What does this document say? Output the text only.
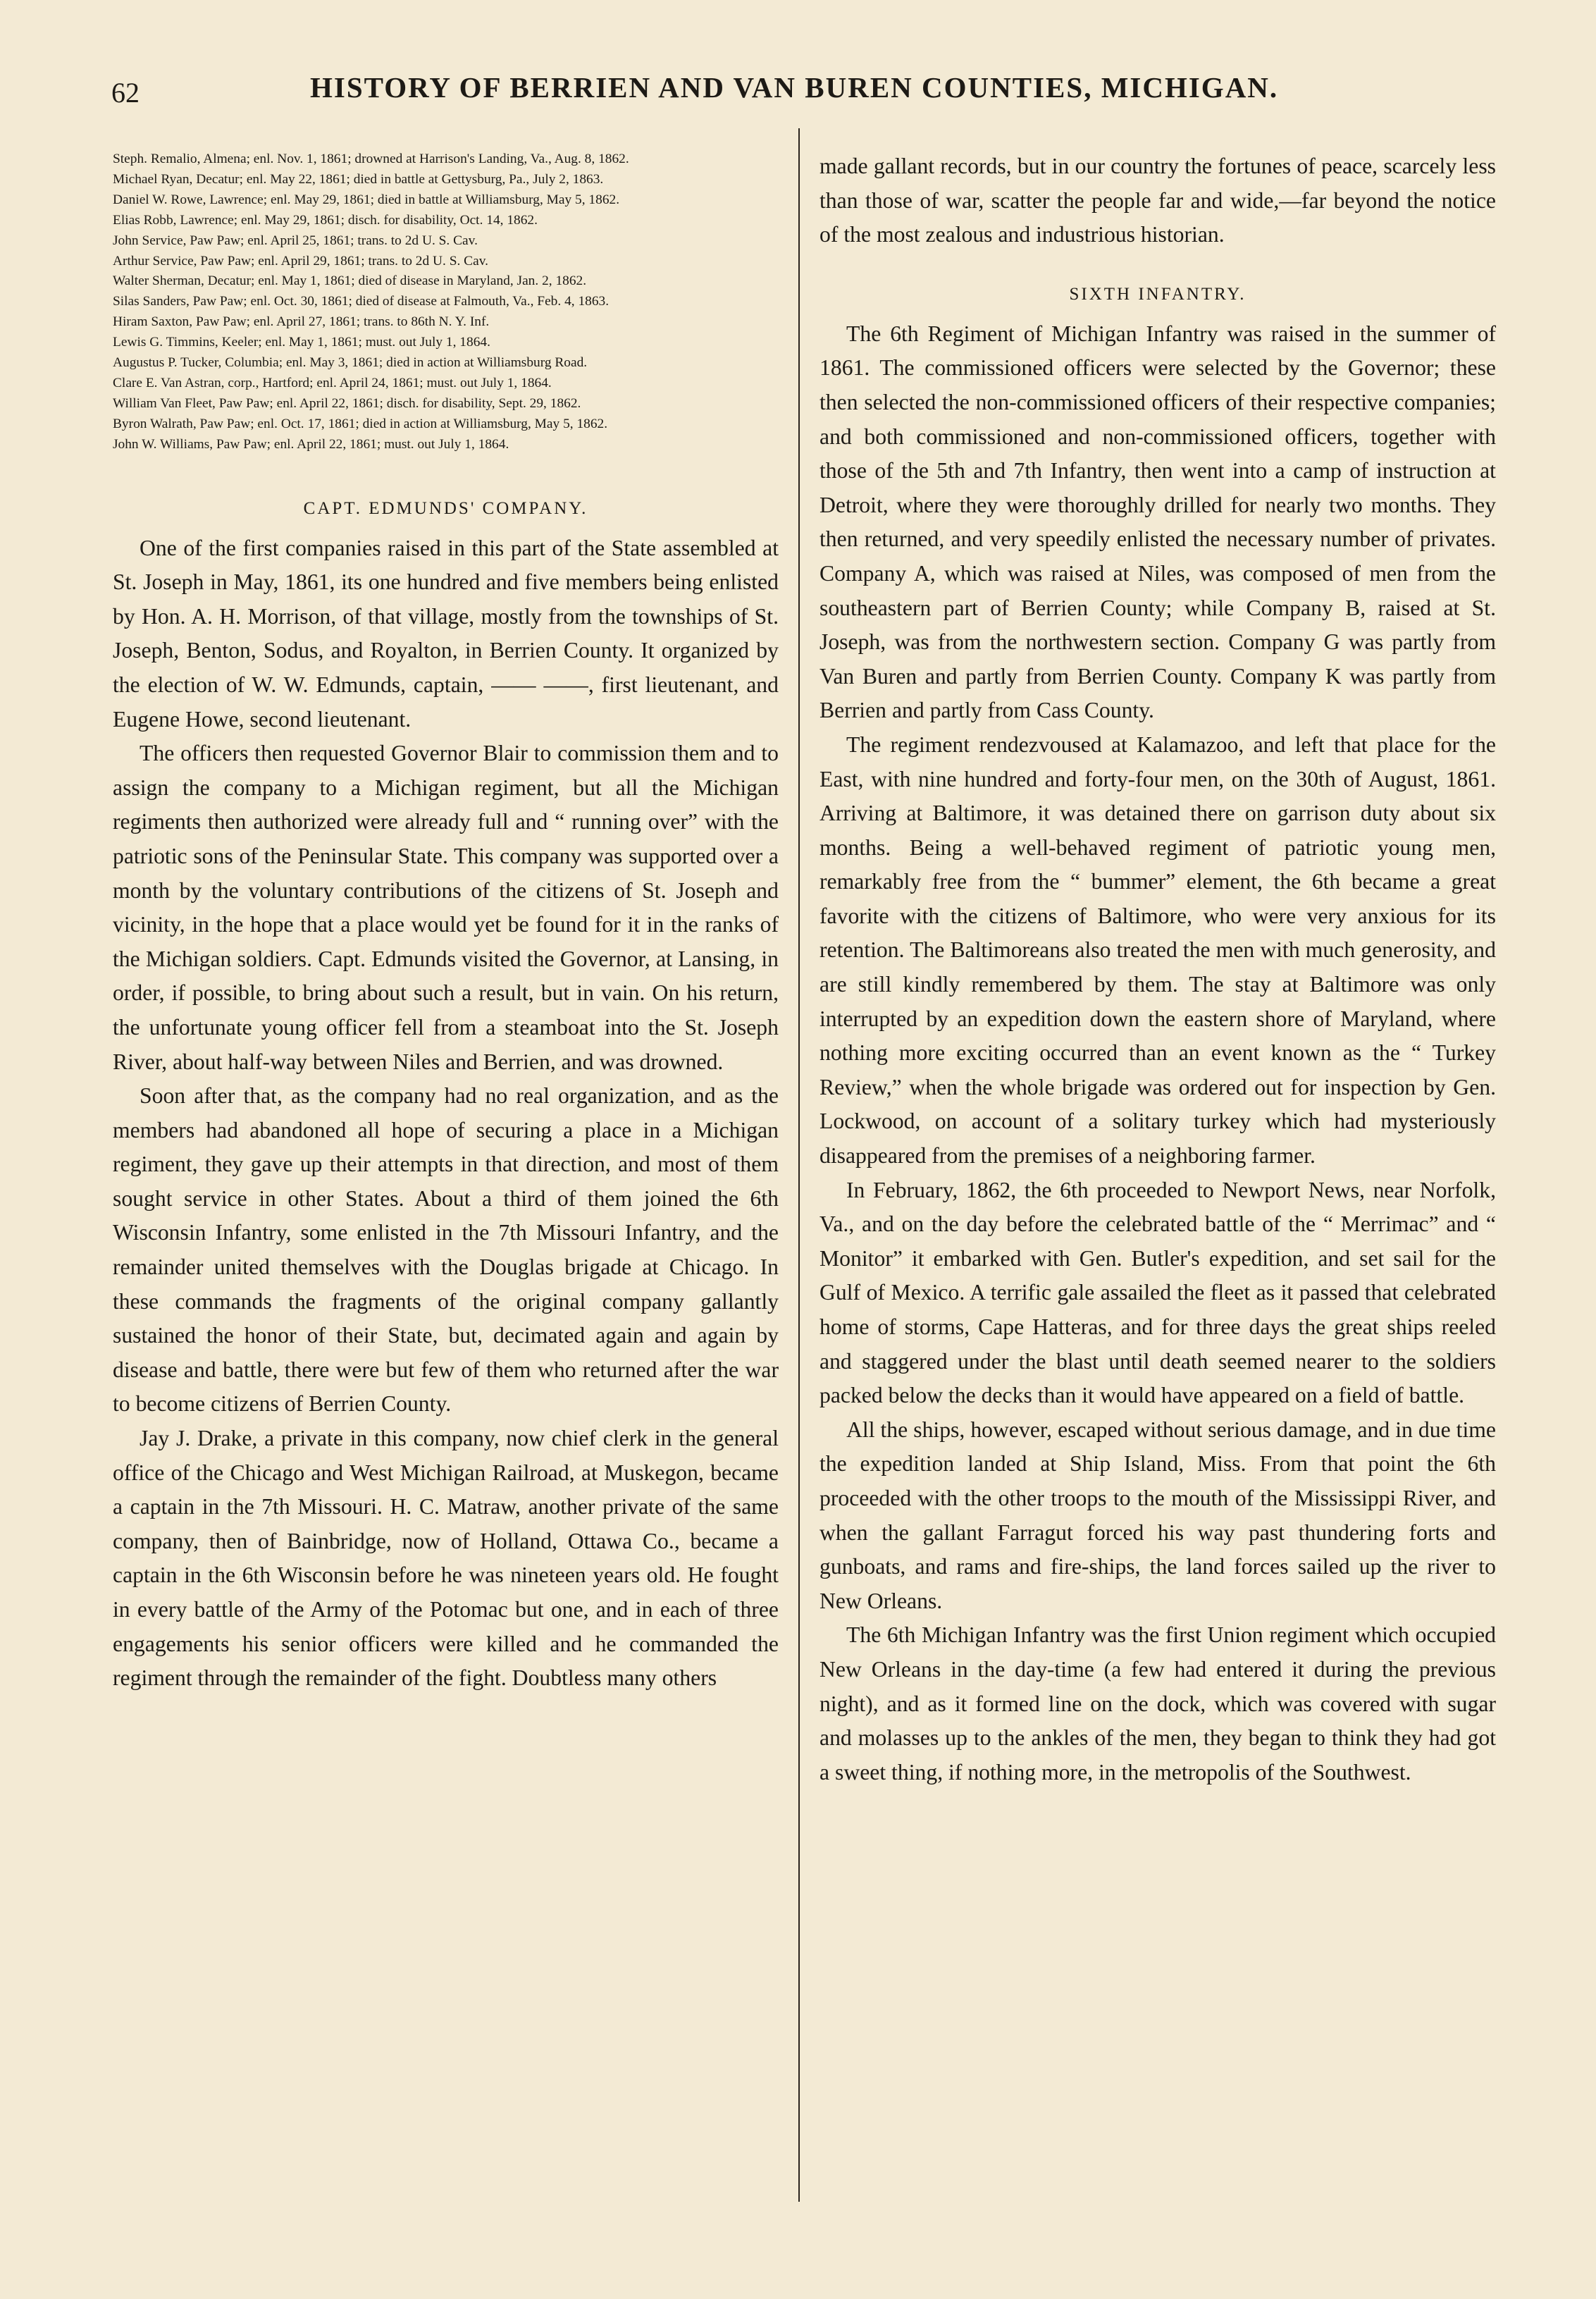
62	HISTORY OF BERRIEN AND VAN BUREN COUNTIES, MICHIGAN.
Steph. Remalio, Almena; enl. Nov. 1, 1861; drowned at Harrison's Landing, Va., Aug. 8, 1862.
Michael Ryan, Decatur; enl. May 22, 1861; died in battle at Gettysburg, Pa., July 2, 1863.
Daniel W. Rowe, Lawrence; enl. May 29, 1861; died in battle at Williamsburg, May 5, 1862.
Elias Robb, Lawrence; enl. May 29, 1861; disch. for disability, Oct. 14, 1862.
John Service, Paw Paw; enl. April 25, 1861; trans. to 2d U. S. Cav.
Arthur Service, Paw Paw; enl. April 29, 1861; trans. to 2d U. S. Cav.
Walter Sherman, Decatur; enl. May 1, 1861; died of disease in Maryland, Jan. 2, 1862.
Silas Sanders, Paw Paw; enl. Oct. 30, 1861; died of disease at Falmouth, Va., Feb. 4, 1863.
Hiram Saxton, Paw Paw; enl. April 27, 1861; trans. to 86th N. Y. Inf.
Lewis G. Timmins, Keeler; enl. May 1, 1861; must. out July 1, 1864.
Augustus P. Tucker, Columbia; enl. May 3, 1861; died in action at Williamsburg Road.
Clare E. Van Astran, corp., Hartford; enl. April 24, 1861; must. out July 1, 1864.
William Van Fleet, Paw Paw; enl. April 22, 1861; disch. for disability, Sept. 29, 1862.
Byron Walrath, Paw Paw; enl. Oct. 17, 1861; died in action at Williamsburg, May 5, 1862.
John W. Williams, Paw Paw; enl. April 22, 1861; must. out July 1, 1864.
CAPT. EDMUNDS' COMPANY.

One of the first companies raised in this part of the State assembled at St. Joseph in May, 1861, its one hundred and five members being enlisted by Hon. A. H. Morrison, of that village, mostly from the townships of St. Joseph, Benton, Sodus, and Royalton, in Berrien County. It organized by the election of W. W. Edmunds, captain, —— ——, first lieutenant, and Eugene Howe, second lieutenant.

The officers then requested Governor Blair to commission them and to assign the company to a Michigan regiment, but all the Michigan regiments then authorized were already full and “ running over” with the patriotic sons of the Peninsular State. This company was supported over a month by the voluntary contributions of the citizens of St. Joseph and vicinity, in the hope that a place would yet be found for it in the ranks of the Michigan soldiers. Capt. Edmunds visited the Governor, at Lansing, in order, if possible, to bring about such a result, but in vain. On his return, the unfortunate young officer fell from a steamboat into the St. Joseph River, about half-way between Niles and Berrien, and was drowned.

Soon after that, as the company had no real organization, and as the members had abandoned all hope of securing a place in a Michigan regiment, they gave up their attempts in that direction, and most of them sought service in other States. About a third of them joined the 6th Wisconsin Infantry, some enlisted in the 7th Missouri Infantry, and the remainder united themselves with the Douglas brigade at Chicago. In these commands the fragments of the original company gallantly sustained the honor of their State, but, decimated again and again by disease and battle, there were but few of them who returned after the war to become citizens of Berrien County.

Jay J. Drake, a private in this company, now chief clerk in the general office of the Chicago and West Michigan Railroad, at Muskegon, became a captain in the 7th Missouri. H. C. Matraw, another private of the same company, then of Bainbridge, now of Holland, Ottawa Co., became a captain in the 6th Wisconsin before he was nineteen years old. He fought in every battle of the Army of the Potomac but one, and in each of three engagements his senior officers were killed and he commanded the regiment through the remainder of the fight. Doubtless many others

made gallant records, but in our country the fortunes of peace, scarcely less than those of war, scatter the people far and wide,—far beyond the notice of the most zealous and industrious historian.

SIXTH INFANTRY.

The 6th Regiment of Michigan Infantry was raised in the summer of 1861. The commissioned officers were selected by the Governor; these then selected the non-commissioned officers of their respective companies; and both commissioned and non-commissioned officers, together with those of the 5th and 7th Infantry, then went into a camp of instruction at Detroit, where they were thoroughly drilled for nearly two months. They then returned, and very speedily enlisted the necessary number of privates. Company A, which was raised at Niles, was composed of men from the southeastern part of Berrien County; while Company B, raised at St. Joseph, was from the northwestern section. Company G was partly from Van Buren and partly from Berrien County. Company K was partly from Berrien and partly from Cass County.

The regiment rendezvoused at Kalamazoo, and left that place for the East, with nine hundred and forty-four men, on the 30th of August, 1861. Arriving at Baltimore, it was detained there on garrison duty about six months. Being a well-behaved regiment of patriotic young men, remarkably free from the “ bummer” element, the 6th became a great favorite with the citizens of Baltimore, who were very anxious for its retention. The Baltimoreans also treated the men with much generosity, and are still kindly remembered by them. The stay at Baltimore was only interrupted by an expedition down the eastern shore of Maryland, where nothing more exciting occurred than an event known as the “ Turkey Review,” when the whole brigade was ordered out for inspection by Gen. Lockwood, on account of a solitary turkey which had mysteriously disappeared from the premises of a neighboring farmer.

In February, 1862, the 6th proceeded to Newport News, near Norfolk, Va., and on the day before the celebrated battle of the “ Merrimac” and “ Monitor” it embarked with Gen. Butler's expedition, and set sail for the Gulf of Mexico. A terrific gale assailed the fleet as it passed that celebrated home of storms, Cape Hatteras, and for three days the great ships reeled and staggered under the blast until death seemed nearer to the soldiers packed below the decks than it would have appeared on a field of battle.

All the ships, however, escaped without serious damage, and in due time the expedition landed at Ship Island, Miss. From that point the 6th proceeded with the other troops to the mouth of the Mississippi River, and when the gallant Farragut forced his way past thundering forts and gunboats, and rams and fire-ships, the land forces sailed up the river to New Orleans.

The 6th Michigan Infantry was the first Union regiment which occupied New Orleans in the day-time (a few had entered it during the previous night), and as it formed line on the dock, which was covered with sugar and molasses up to the ankles of the men, they began to think they had got a sweet thing, if nothing more, in the metropolis of the Southwest.
